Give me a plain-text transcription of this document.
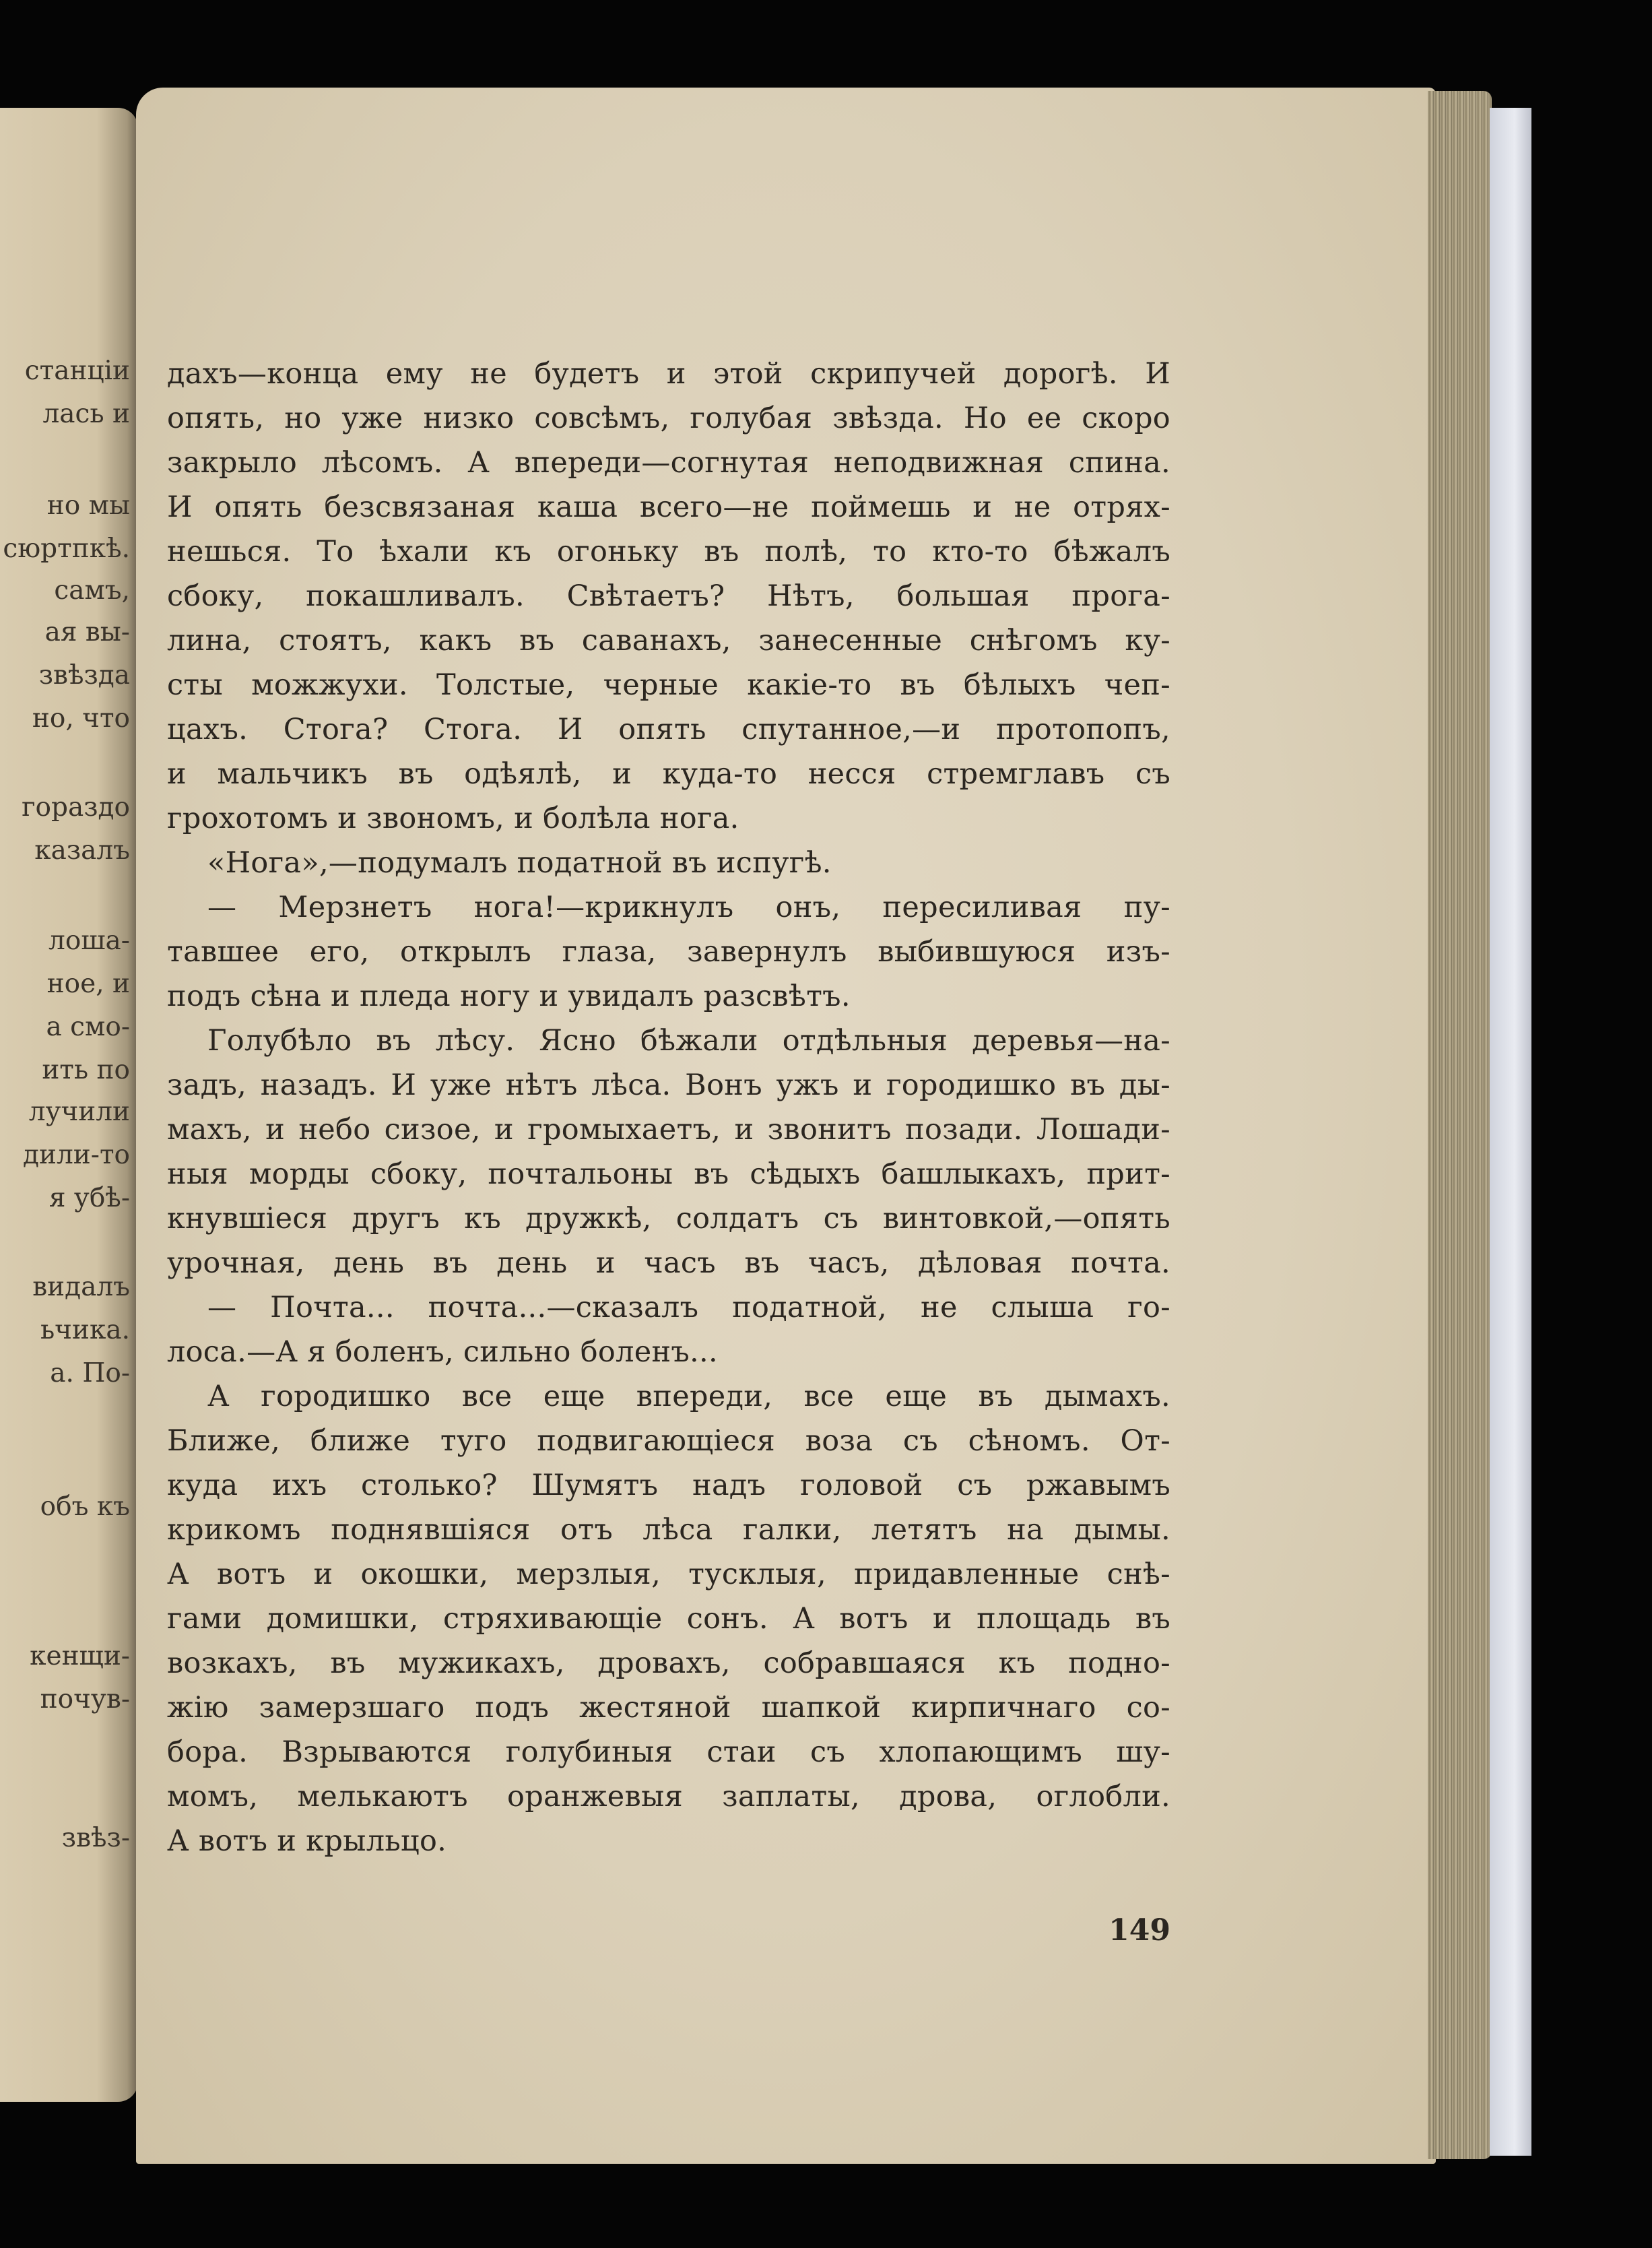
станцiи
лась и
но мы
сюртпкѣ.
самъ,
ая вы-
звѣзда
но, что
гораздо
казалъ
лоша-
ное, и
а смо-
ить по
лучили
дили-то
я убѣ-
видалъ
ьчика.
а. По-
объ къ
кенщи-
почув-
звѣз-
дахъ—конца ему не будетъ и этой скрипучей дорогѣ. И
опять, но уже низко совсѣмъ, голубая звѣзда. Но ее скоро
закрыло лѣсомъ. А впереди—согнутая неподвижная спина.
И опять безсвязаная каша всего—не поймешь и не отрях-
нешься. То ѣхали къ огоньку въ полѣ, то кто-то бѣжалъ
сбоку, покашливалъ. Свѣтаетъ? Нѣтъ, большая прога-
лина, стоятъ, какъ въ саванахъ, занесенные снѣгомъ ку-
сты можжухи. Толстые, черные какiе-то въ бѣлыхъ чеп-
цахъ. Стога? Стога. И опять спутанное,—и протопопъ,
и мальчикъ въ одѣялѣ, и куда-то несся стремглавъ съ
грохотомъ и звономъ, и болѣла нога.
«Нога»,—подумалъ податной въ испугѣ.
— Мерзнетъ нога!—крикнулъ онъ, пересиливая пу-
тавшее его, открылъ глаза, завернулъ выбившуюся изъ-
подъ сѣна и пледа ногу и увидалъ разсвѣтъ.
Голубѣло въ лѣсу. Ясно бѣжали отдѣльныя деревья—на-
задъ, назадъ. И уже нѣтъ лѣса. Вонъ ужъ и городишко въ ды-
махъ, и небо сизое, и громыхаетъ, и звонитъ позади. Лошади-
ныя морды сбоку, почтальоны въ сѣдыхъ башлыкахъ, прит-
кнувшiеся другъ къ дружкѣ, солдатъ съ винтовкой,—опять
урочная, день въ день и часъ въ часъ, дѣловая почта.
— Почта... почта...—сказалъ податной, не слыша го-
лоса.—А я боленъ, сильно боленъ...
А городишко все еще впереди, все еще въ дымахъ.
Ближе, ближе туго подвигающiеся воза съ сѣномъ. От-
куда ихъ столько? Шумятъ надъ головой съ ржавымъ
крикомъ поднявшiяся отъ лѣса галки, летятъ на дымы.
А вотъ и окошки, мерзлыя, тусклыя, придавленные снѣ-
гами домишки, стряхивающiе сонъ. А вотъ и площадь въ
возкахъ, въ мужикахъ, дровахъ, собравшаяся къ подно-
жiю замерзшаго подъ жестяной шапкой кирпичнаго со-
бора. Взрываются голубиныя стаи съ хлопающимъ шу-
момъ, мелькаютъ оранжевыя заплаты, дрова, оглобли.
А вотъ и крыльцо.
149
